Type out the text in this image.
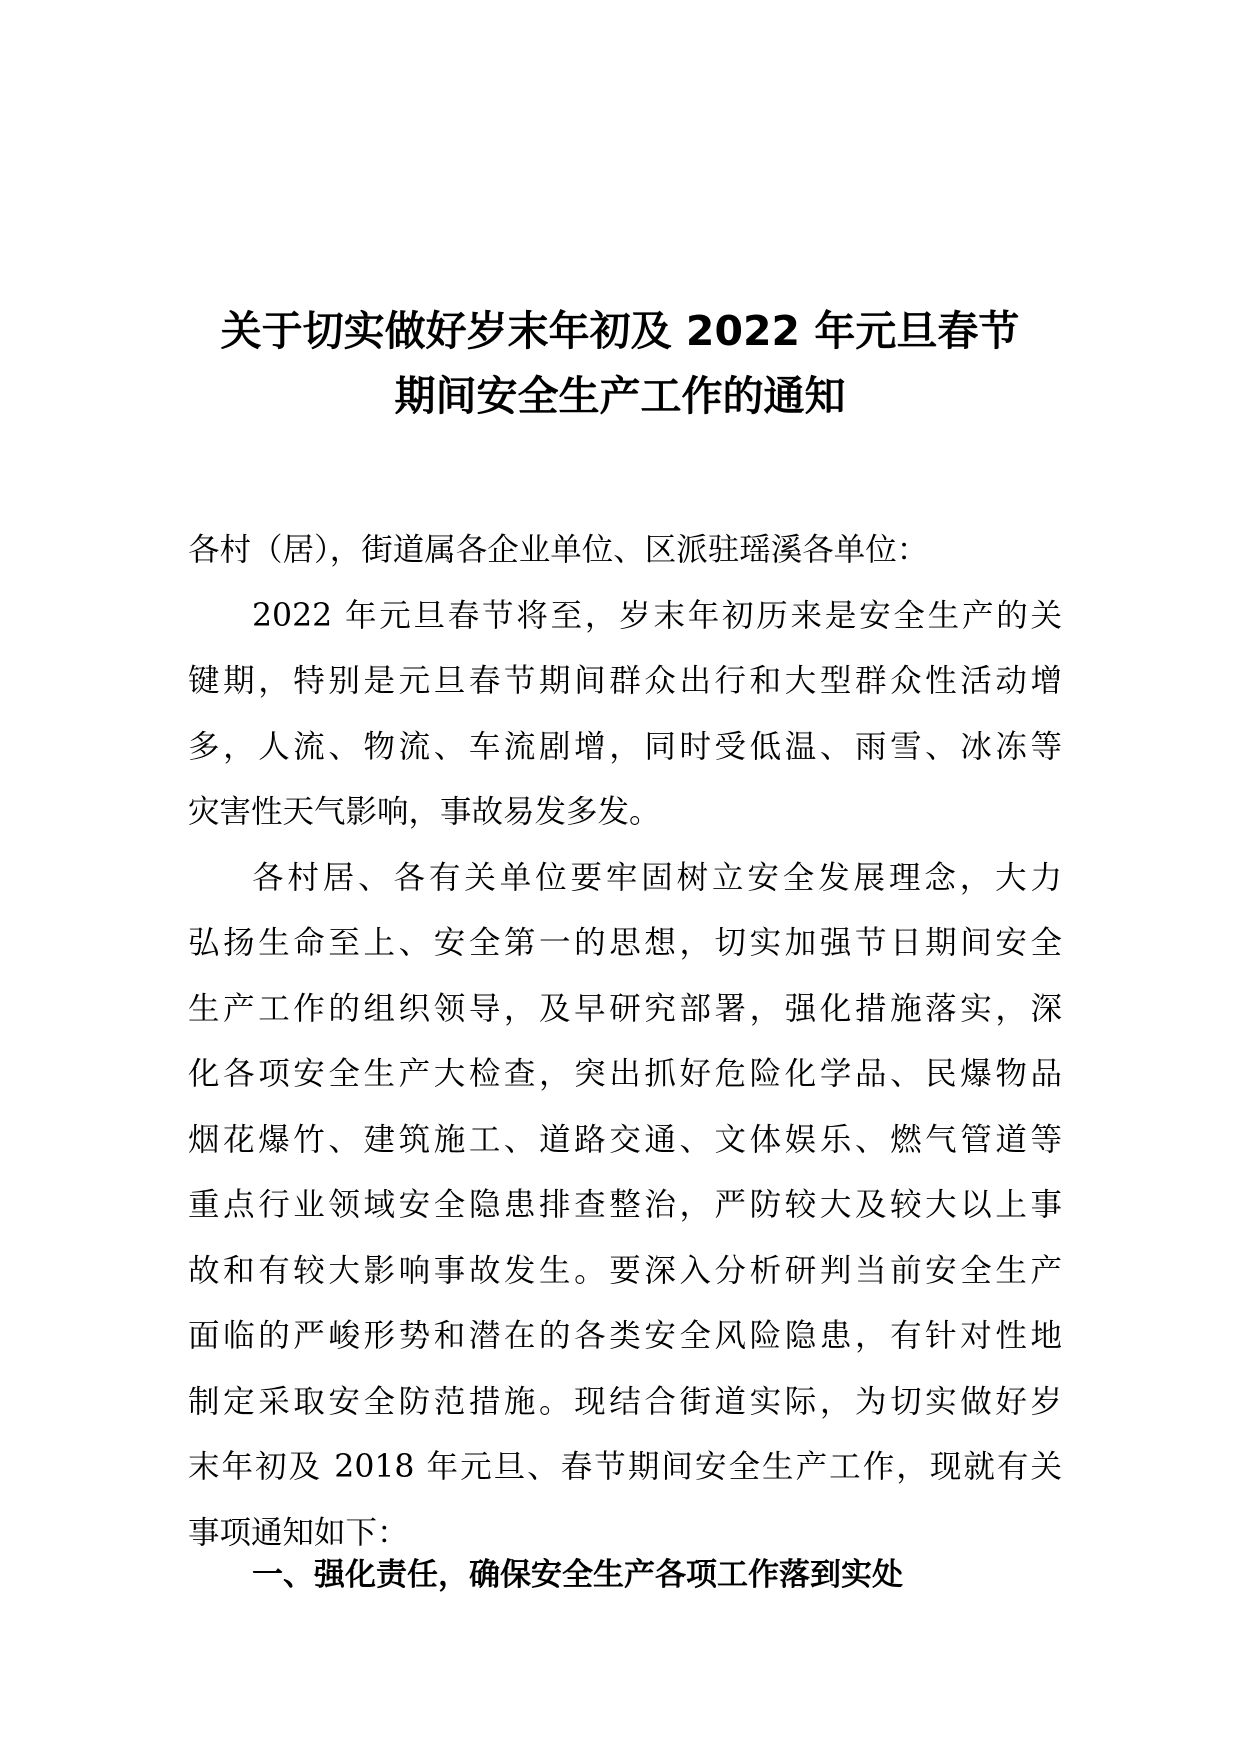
关于切实做好岁末年初及 2022 年元旦春节
期间安全生产工作的通知
各村（居），街道属各企业单位、区派驻瑶溪各单位：
2022 年元旦春节将至，岁末年初历来是安全生产的关
键期，特别是元旦春节期间群众出行和大型群众性活动增
多，人流、物流、车流剧增，同时受低温、雨雪、冰冻等
灾害性天气影响，事故易发多发。
各村居、各有关单位要牢固树立安全发展理念，大力
弘扬生命至上、安全第一的思想，切实加强节日期间安全
生产工作的组织领导，及早研究部署，强化措施落实，深
化各项安全生产大检查，突出抓好危险化学品、民爆物品
烟花爆竹、建筑施工、道路交通、文体娱乐、燃气管道等
重点行业领域安全隐患排查整治，严防较大及较大以上事
故和有较大影响事故发生。要深入分析研判当前安全生产
面临的严峻形势和潜在的各类安全风险隐患，有针对性地
制定采取安全防范措施。现结合街道实际，为切实做好岁
末年初及 2018 年元旦、春节期间安全生产工作，现就有关
事项通知如下：
一、强化责任，确保安全生产各项工作落到实处
